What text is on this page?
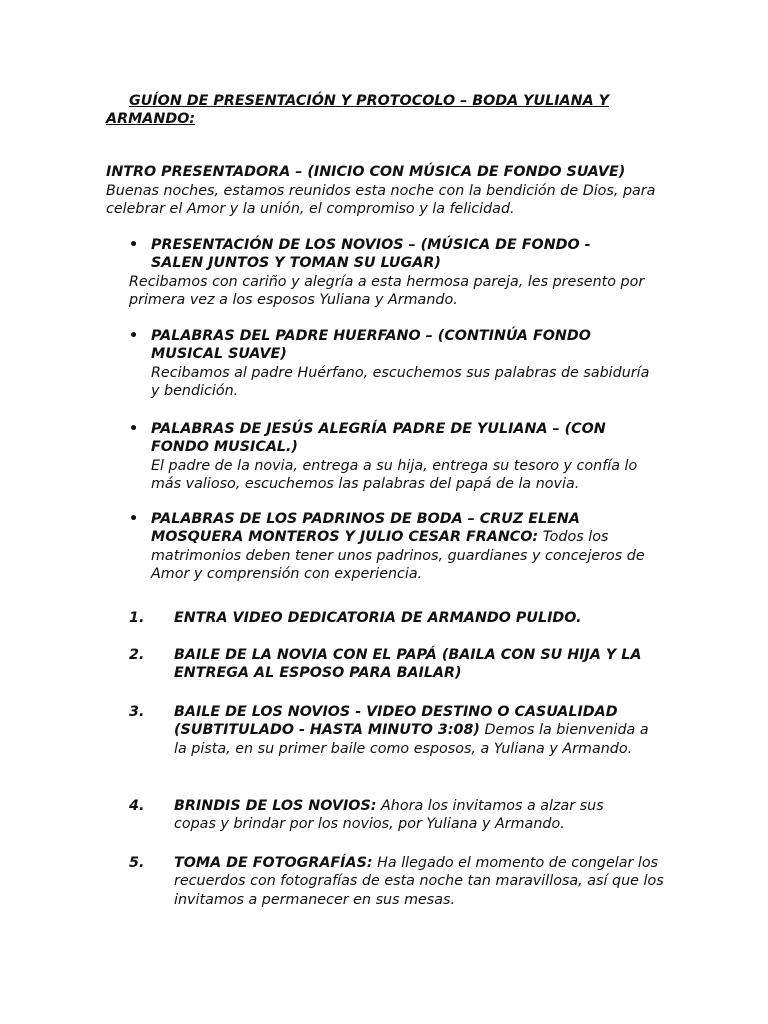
GUÍON DE PRESENTACIÓN Y PROTOCOLO – BODA YULIANA Y ARMANDO:
INTRO PRESENTADORA – (INICIO CON MÚSICA DE FONDO SUAVE)
Buenas noches, estamos reunidos esta noche con la bendición de Dios, para celebrar el Amor y la unión, el compromiso y la felicidad.
• PRESENTACIÓN DE LOS NOVIOS – (MÚSICA DE FONDO - SALEN JUNTOS Y TOMAN SU LUGAR)
Recibamos con cariño y alegría a esta hermosa pareja, les presento por primera vez a los esposos Yuliana y Armando.
• PALABRAS DEL PADRE HUERFANO – (CONTINÚA FONDO MUSICAL SUAVE)
Recibamos al padre Huérfano, escuchemos sus palabras de sabiduría y bendición.
• PALABRAS DE JESÚS ALEGRÍA PADRE DE YULIANA – (CON FONDO MUSICAL.)
El padre de la novia, entrega a su hija, entrega su tesoro y confía lo más valioso, escuchemos las palabras del papá de la novia.
• PALABRAS DE LOS PADRINOS DE BODA – CRUZ ELENA MOSQUERA MONTEROS Y JULIO CESAR FRANCO: Todos los matrimonios deben tener unos padrinos, guardianes y concejeros de Amor y comprensión con experiencia.
1. ENTRA VIDEO DEDICATORIA DE ARMANDO PULIDO.
2. BAILE DE LA NOVIA CON EL PAPÁ (BAILA CON SU HIJA Y LA ENTREGA AL ESPOSO PARA BAILAR)
3. BAILE DE LOS NOVIOS - VIDEO DESTINO O CASUALIDAD (SUBTITULADO - HASTA MINUTO 3:08) Demos la bienvenida a la pista, en su primer baile como esposos, a Yuliana y Armando.
4. BRINDIS DE LOS NOVIOS: Ahora los invitamos a alzar sus copas y brindar por los novios, por Yuliana y Armando.
5. TOMA DE FOTOGRAFÍAS: Ha llegado el momento de congelar los recuerdos con fotografías de esta noche tan maravillosa, así que los invitamos a permanecer en sus mesas.
